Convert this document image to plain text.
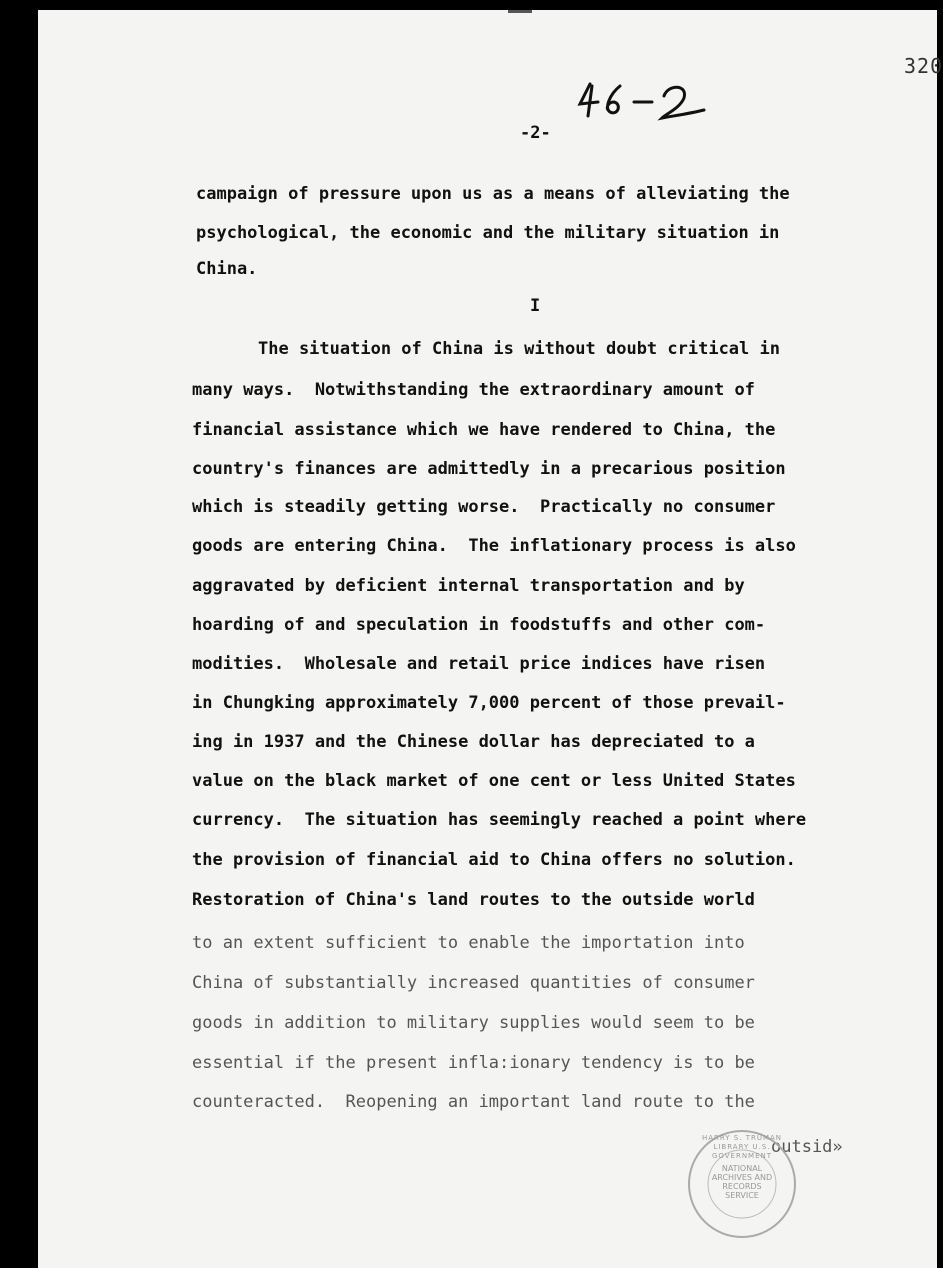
320
-2-
campaign of pressure upon us as a means of alleviating the
psychological, the economic and the military situation in
China.
I
The situation of China is without doubt critical in
many ways.  Notwithstanding the extraordinary amount of
financial assistance which we have rendered to China, the
country's finances are admittedly in a precarious position
which is steadily getting worse.  Practically no consumer
goods are entering China.  The inflationary process is also
aggravated by deficient internal transportation and by
hoarding of and speculation in foodstuffs and other com-
modities.  Wholesale and retail price indices have risen
in Chungking approximately 7,000 percent of those prevail-
ing in 1937 and the Chinese dollar has depreciated to a
value on the black market of one cent or less United States
currency.  The situation has seemingly reached a point where
the provision of financial aid to China offers no solution.
Restoration of China's land routes to the outside world
to an extent sufficient to enable the importation into
China of substantially increased quantities of consumer
goods in addition to military supplies would seem to be
essential if the present infla:ionary tendency is to be
counteracted.  Reopening an important land route to the
outsid»
HARRY S. TRUMAN LIBRARY U.S. GOVERNMENT
NATIONAL
ARCHIVES AND
RECORDS
SERVICE
